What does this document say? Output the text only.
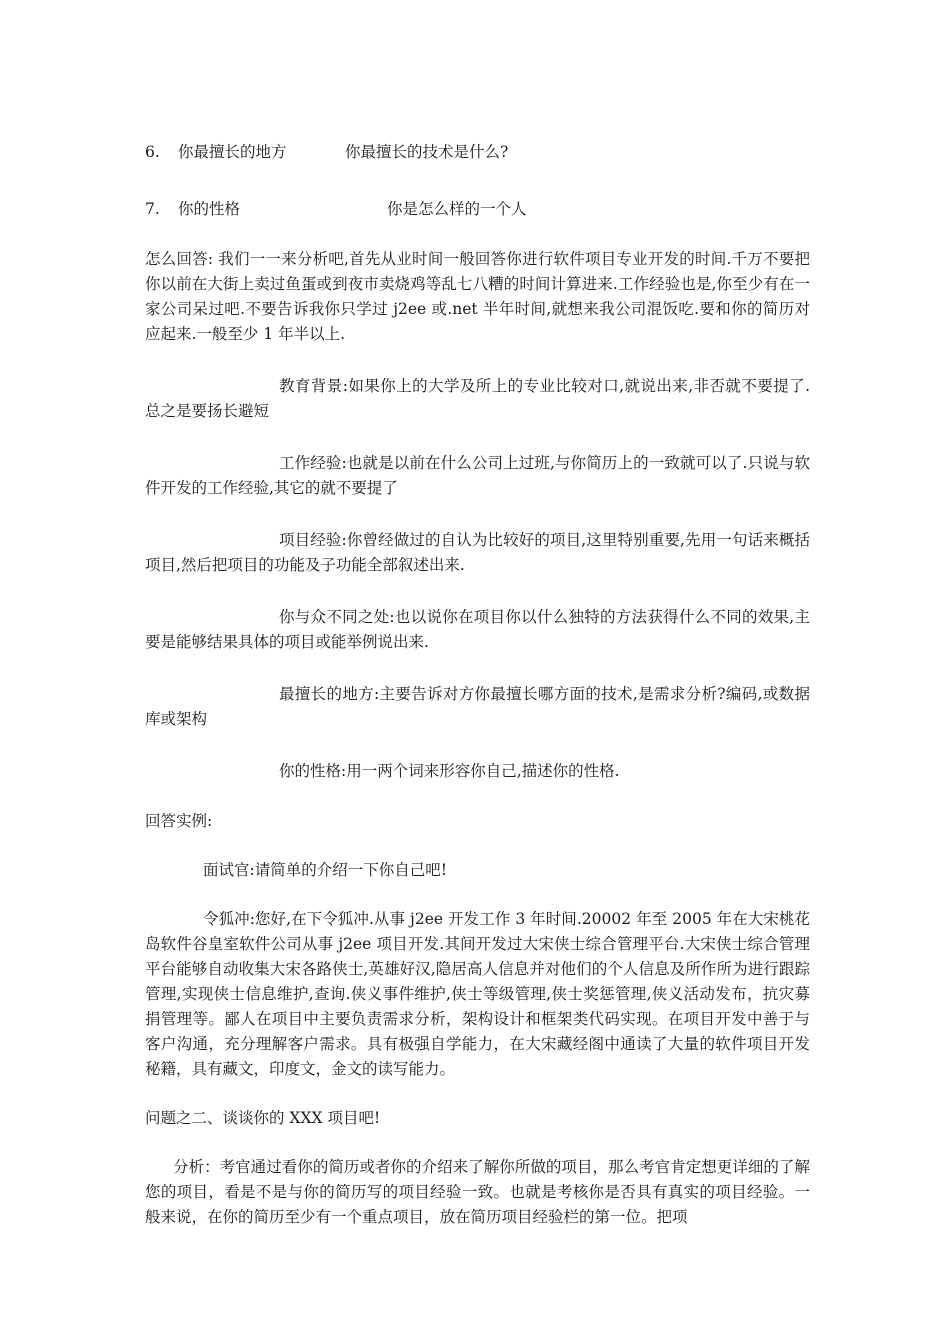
6.	你最擅长的地方	你最擅长的技术是什么?
7.	你的性格	你是怎么样的一个人

怎么回答: 我们一一来分析吧,首先从业时间一般回答你进行软件项目专业开发的时间.千万不要把你以前在大街上卖过鱼蛋或到夜市卖烧鸡等乱七八糟的时间计算进来.工作经验也是,你至少有在一家公司呆过吧.不要告诉我你只学过 j2ee 或.net 半年时间,就想来我公司混饭吃.要和你的简历对应起来.一般至少 1 年半以上.

教育背景:如果你上的大学及所上的专业比较对口,就说出来,非否就不要提了.总之是要扬长避短

工作经验:也就是以前在什么公司上过班,与你简历上的一致就可以了.只说与软件开发的工作经验,其它的就不要提了

项目经验:你曾经做过的自认为比较好的项目,这里特别重要,先用一句话来概括项目,然后把项目的功能及子功能全部叙述出来.

你与众不同之处:也以说你在项目你以什么独特的方法获得什么不同的效果,主要是能够结果具体的项目或能举例说出来.

最擅长的地方:主要告诉对方你最擅长哪方面的技术,是需求分析?编码,或数据库或架构

你的性格:用一两个词来形容你自己,描述你的性格.

回答实例:

面试官:请简单的介绍一下你自己吧!

令狐冲:您好,在下令狐冲.从事 j2ee 开发工作 3 年时间.20002 年至 2005 年在大宋桃花岛软件谷皇室软件公司从事 j2ee 项目开发.其间开发过大宋侠士综合管理平台.大宋侠士综合管理平台能够自动收集大宋各路侠士,英雄好汉,隐居高人信息并对他们的个人信息及所作所为进行跟踪管理,实现侠士信息维护,查询.侠义事件维护,侠士等级管理,侠士奖惩管理,侠义活动发布，抗灾募捐管理等。鄙人在项目中主要负责需求分析，架构设计和框架类代码实现。在项目开发中善于与客户沟通，充分理解客户需求。具有极强自学能力，在大宋藏经阁中通读了大量的软件项目开发秘籍，具有藏文，印度文，金文的读写能力。

问题之二、谈谈你的 XXX 项目吧!

分析：考官通过看你的简历或者你的介绍来了解你所做的项目，那么考官肯定想更详细的了解您的项目，看是不是与你的简历写的项目经验一致。也就是考核你是否具有真实的项目经验。一般来说，在你的简历至少有一个重点项目，放在简历项目经验栏的第一位。把项
